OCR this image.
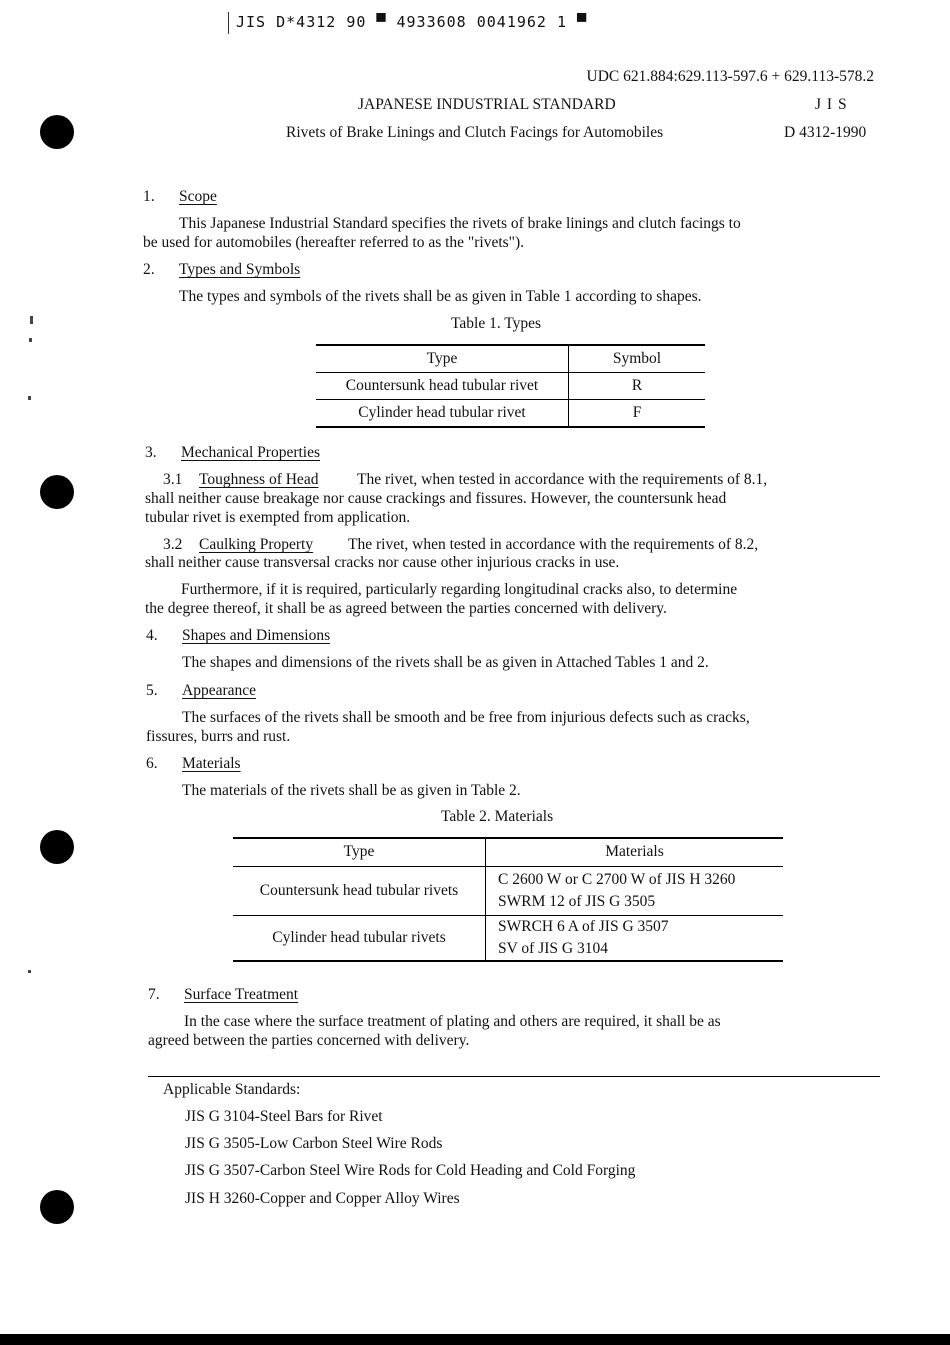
JIS D*4312 90 ▀ 4933608 0041962 1 ▀
UDC 621.884:629.113-597.6 + 629.113-578.2
JAPANESE INDUSTRIAL STANDARD	J I S
Rivets of Brake Linings and Clutch Facings for Automobiles	D 4312-1990
1. Scope
This Japanese Industrial Standard specifies the rivets of brake linings and clutch facings to
be used for automobiles (hereafter referred to as the "rivets").
2. Types and Symbols
The types and symbols of the rivets shall be as given in Table 1 according to shapes.
Table 1. Types
Type	Symbol
Countersunk head tubular rivet	R
Cylinder head tubular rivet	F
3. Mechanical Properties
3.1 Toughness of Head The rivet, when tested in accordance with the requirements of 8.1,
shall neither cause breakage nor cause crackings and fissures. However, the countersunk head
tubular rivet is exempted from application.
3.2 Caulking Property The rivet, when tested in accordance with the requirements of 8.2,
shall neither cause transversal cracks nor cause other injurious cracks in use.
Furthermore, if it is required, particularly regarding longitudinal cracks also, to determine
the degree thereof, it shall be as agreed between the parties concerned with delivery.
4. Shapes and Dimensions
The shapes and dimensions of the rivets shall be as given in Attached Tables 1 and 2.
5. Appearance
The surfaces of the rivets shall be smooth and be free from injurious defects such as cracks,
fissures, burrs and rust.
6. Materials
The materials of the rivets shall be as given in Table 2.
Table 2. Materials
Type	Materials
Countersunk head tubular rivets	C 2600 W or C 2700 W of JIS H 3260
SWRM 12 of JIS G 3505

Cylinder head tubular rivets	SWRCH 6 A of JIS G 3507
SV of JIS G 3104
7. Surface Treatment
In the case where the surface treatment of plating and others are required, it shall be as
agreed between the parties concerned with delivery.
Applicable Standards:
JIS G 3104-Steel Bars for Rivet
JIS G 3505-Low Carbon Steel Wire Rods
JIS G 3507-Carbon Steel Wire Rods for Cold Heading and Cold Forging
JIS H 3260-Copper and Copper Alloy Wires
